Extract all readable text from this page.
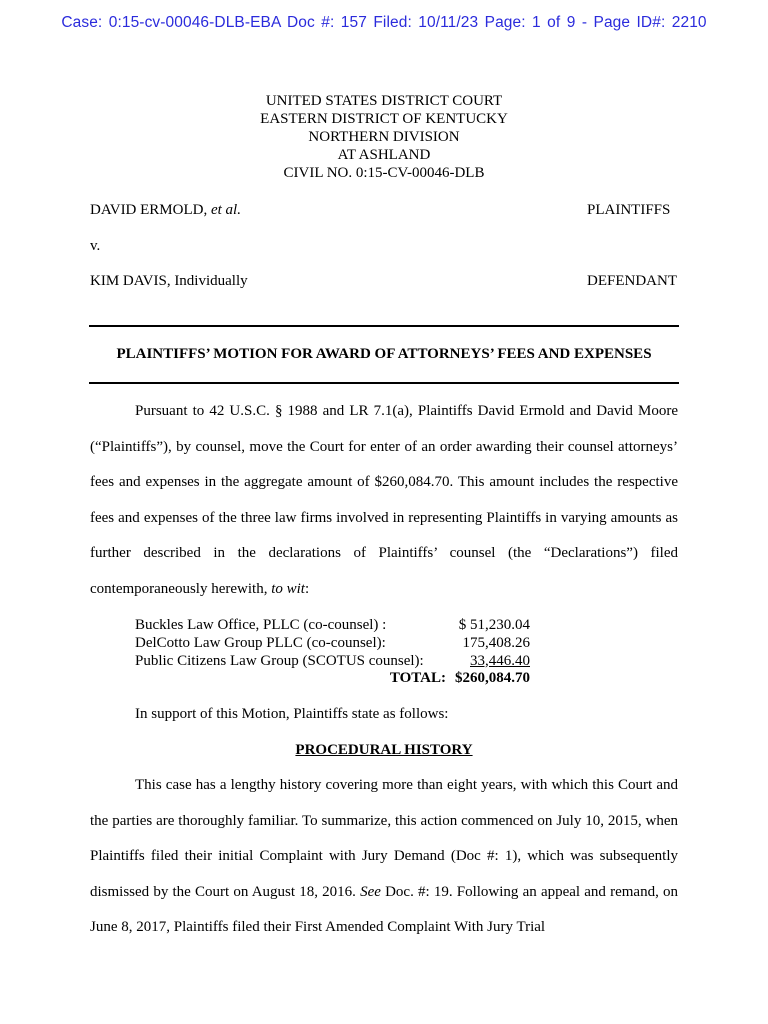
Case: 0:15-cv-00046-DLB-EBA Doc #: 157 Filed: 10/11/23 Page: 1 of 9 - Page ID#: 2210
UNITED STATES DISTRICT COURT
EASTERN DISTRICT OF KENTUCKY
NORTHERN DIVISION
AT ASHLAND
CIVIL NO. 0:15-CV-00046-DLB
DAVID ERMOLD, et al.	PLAINTIFFS
v.
KIM DAVIS, Individually	DEFENDANT
PLAINTIFFS’ MOTION FOR AWARD OF ATTORNEYS’ FEES AND EXPENSES
Pursuant to 42 U.S.C. § 1988 and LR 7.1(a), Plaintiffs David Ermold and David Moore (“Plaintiffs”), by counsel, move the Court for enter of an order awarding their counsel attorneys’ fees and expenses in the aggregate amount of $260,084.70. This amount includes the respective fees and expenses of the three law firms involved in representing Plaintiffs in varying amounts as further described in the declarations of Plaintiffs’ counsel (the “Declarations”) filed contemporaneously herewith, to wit:
Buckles Law Office, PLLC (co-counsel) :	$ 51,230.04
DelCotto Law Group PLLC (co-counsel):	175,408.26
Public Citizens Law Group (SCOTUS counsel):	33,446.40
TOTAL: $260,084.70
In support of this Motion, Plaintiffs state as follows:
PROCEDURAL HISTORY
This case has a lengthy history covering more than eight years, with which this Court and the parties are thoroughly familiar. To summarize, this action commenced on July 10, 2015, when Plaintiffs filed their initial Complaint with Jury Demand (Doc #: 1), which was subsequently dismissed by the Court on August 18, 2016. See Doc. #: 19. Following an appeal and remand, on June 8, 2017, Plaintiffs filed their First Amended Complaint With Jury Trial
